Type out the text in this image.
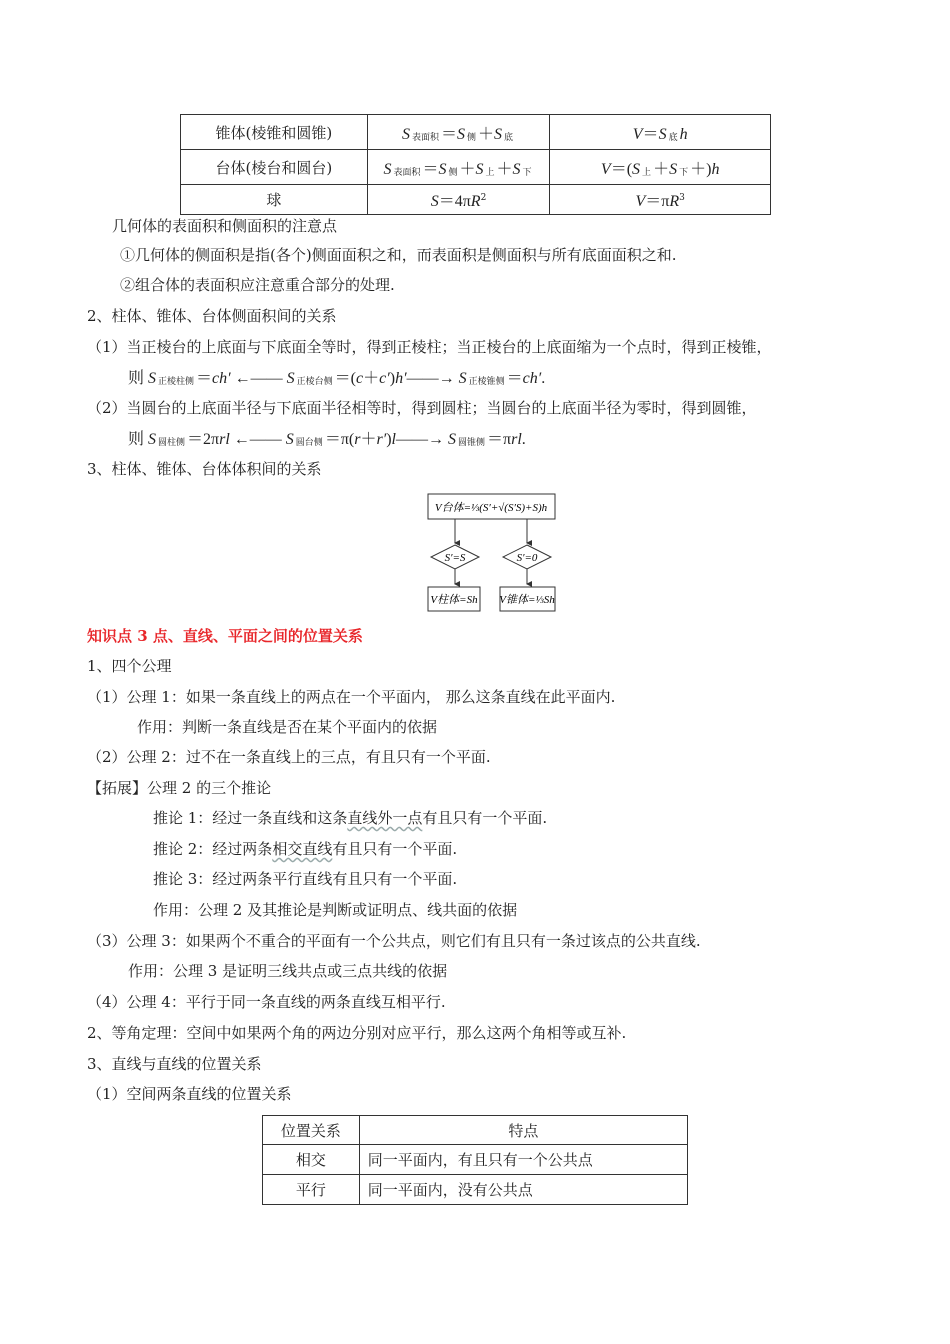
锥体(棱锥和圆锥)	S $_{表面积}$ ＝S $_侧$ ＋S $_底$	V＝S $_底$ h
台体(棱台和圆台)	S $_{表面积}$ ＝S $_侧$ ＋S $_上$ ＋S $_下$	V＝(S $_上$ ＋S $_下$ ＋)h
球	$S=4\pi R^2$	$V=\pi R^3$
几何体的表面积和侧面积的注意点
①几何体的侧面积是指(各个)侧面面积之和，而表面积是侧面积与所有底面面积之和.
②组合体的表面积应注意重合部分的处理.
2、柱体、锥体、台体侧面积间的关系
（1）当正棱台的上底面与下底面全等时，得到正棱柱；当正棱台的上底面缩为一个点时，得到正棱锥，
则 S $_{正棱柱侧}$ ＝ch′ ←—— S $_{正棱台侧}$ ＝(c＋c′)h′——→ S $_{正棱锥侧}$ ＝ch′.
（2）当圆台的上底面半径与下底面半径相等时，得到圆柱；当圆台的上底面半径为零时，得到圆锥，
则 S $_{圆柱侧}$ ＝2πrl ←—— S $_{圆台侧}$ ＝π(r＋r′)l——→ S $_{圆锥侧}$ ＝πrl.
3、柱体、锥体、台体体积间的关系
V台体=⅓(S′+√(S′S)+S)h
S′=S	S′=0
V柱体=Sh V锥体=⅓Sh
知识点 3 点、直线、平面之间的位置关系
1、四个公理
（1）公理 1：如果一条直线上的两点在一个平面内， 那么这条直线在此平面内.
作用：判断一条直线是否在某个平面内的依据
（2）公理 2：过不在一条直线上的三点，有且只有一个平面.
【拓展】公理 2 的三个推论
推论 1：经过一条直线和这条直线外一点有且只有一个平面.
推论 2：经过两条相交直线有且只有一个平面.
推论 3：经过两条平行直线有且只有一个平面.
作用：公理 2 及其推论是判断或证明点、线共面的依据
（3）公理 3：如果两个不重合的平面有一个公共点，则它们有且只有一条过该点的公共直线.
作用：公理 3 是证明三线共点或三点共线的依据
（4）公理 4：平行于同一条直线的两条直线互相平行.
2、等角定理：空间中如果两个角的两边分别对应平行，那么这两个角相等或互补.
3、直线与直线的位置关系
（1）空间两条直线的位置关系
位置关系	特点
相交	同一平面内，有且只有一个公共点
平行	同一平面内，没有公共点
